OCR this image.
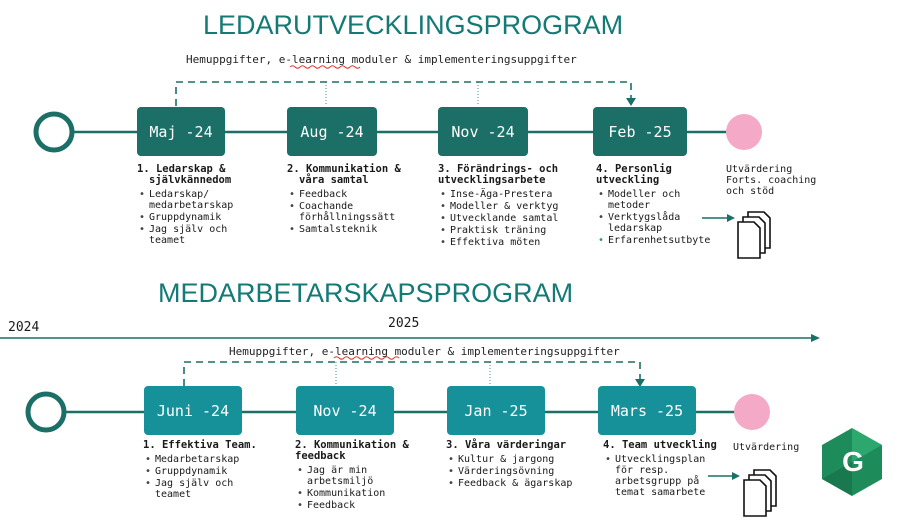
G
LEDARUTVECKLINGSPROGRAM
Hemuppgifter, e-learning moduler & implementeringsuppgifter
Maj -24	Aug -24	Nov -24	Feb -25
1. Ledarskap &
självkännedom
• Ledarskap/
medarbetarskap
• Gruppdynamik
• Jag själv och
teamet
2. Kommunikation &
våra samtal
• Feedback
• Coachande
förhållningssätt
• Samtalsteknik
3. Förändrings- och
utvecklingsarbete
• Inse-Äga-Prestera
• Modeller & verktyg
• Utvecklande samtal
• Praktisk träning
• Effektiva möten
4. Personlig
utveckling
• Modeller och
metoder
• Verktygslåda
ledarskap
• Erfarenhetsutbyte
Utvärdering
Forts. coaching
och stöd
2024	2025
MEDARBETARSKAPSPROGRAM
Hemuppgifter, e-learning moduler & implementeringsuppgifter
Juni -24	Nov -24	Jan -25	Mars -25
1. Effektiva Team.
• Medarbetarskap
• Gruppdynamik
• Jag själv och
teamet
2. Kommunikation &
feedback
• Jag är min
arbetsmiljö
• Kommunikation
• Feedback
3. Våra värderingar
• Kultur & jargong
• Värderingsövning
• Feedback & ägarskap
4. Team utveckling
• Utvecklingsplan
för resp.
arbetsgrupp på
temat samarbete
Utvärdering
